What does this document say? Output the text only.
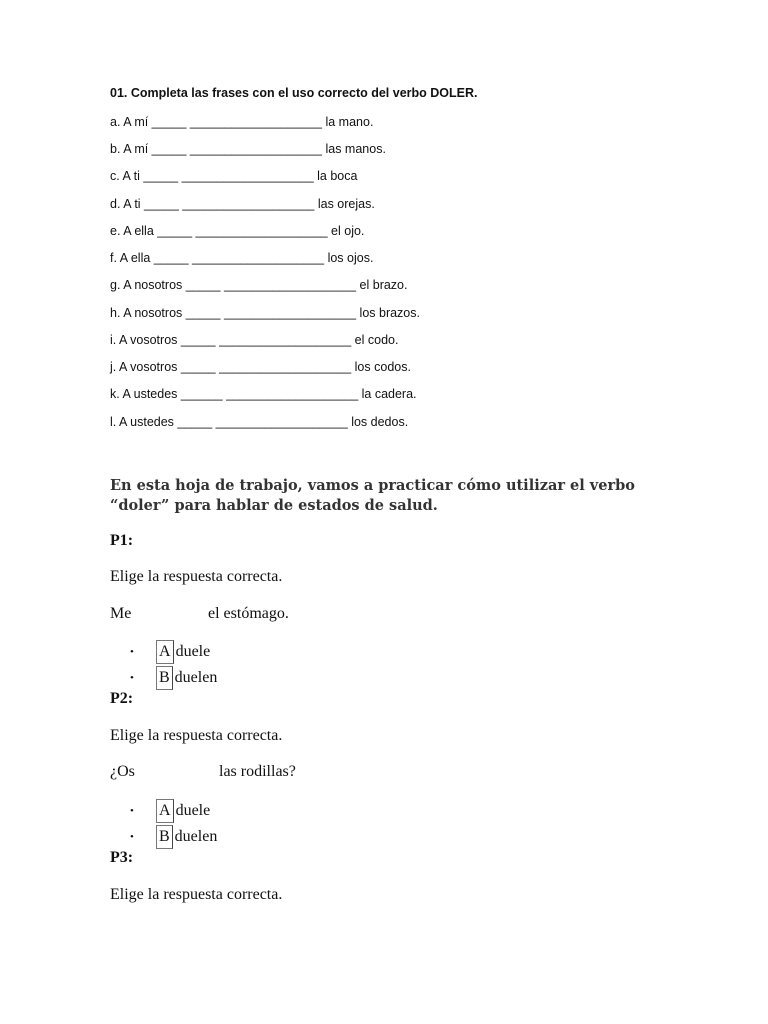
01. Completa las frases con el uso correcto del verbo DOLER.
a. A mí _____ ___________________ la mano.
b. A mí _____ ___________________ las manos.
c. A ti _____ ___________________ la boca
d. A ti _____ ___________________ las orejas.
e. A ella _____ ___________________ el ojo.
f. A ella _____ ___________________ los ojos.
g. A nosotros _____ ___________________ el brazo.
h. A nosotros _____ ___________________ los brazos.
i. A vosotros _____ ___________________ el codo.
j. A vosotros _____ ___________________ los codos.
k. A ustedes ______ ___________________ la cadera.
l. A ustedes _____ ___________________ los dedos.
En esta hoja de trabajo, vamos a practicar cómo utilizar el verbo “doler” para hablar de estados de salud.
P1:
Elige la respuesta correcta.
Me	el estómago.
•	A duele
•	B duelen
P2:
Elige la respuesta correcta.
¿Os	las rodillas?
•	A duele
•	B duelen
P3:
Elige la respuesta correcta.
